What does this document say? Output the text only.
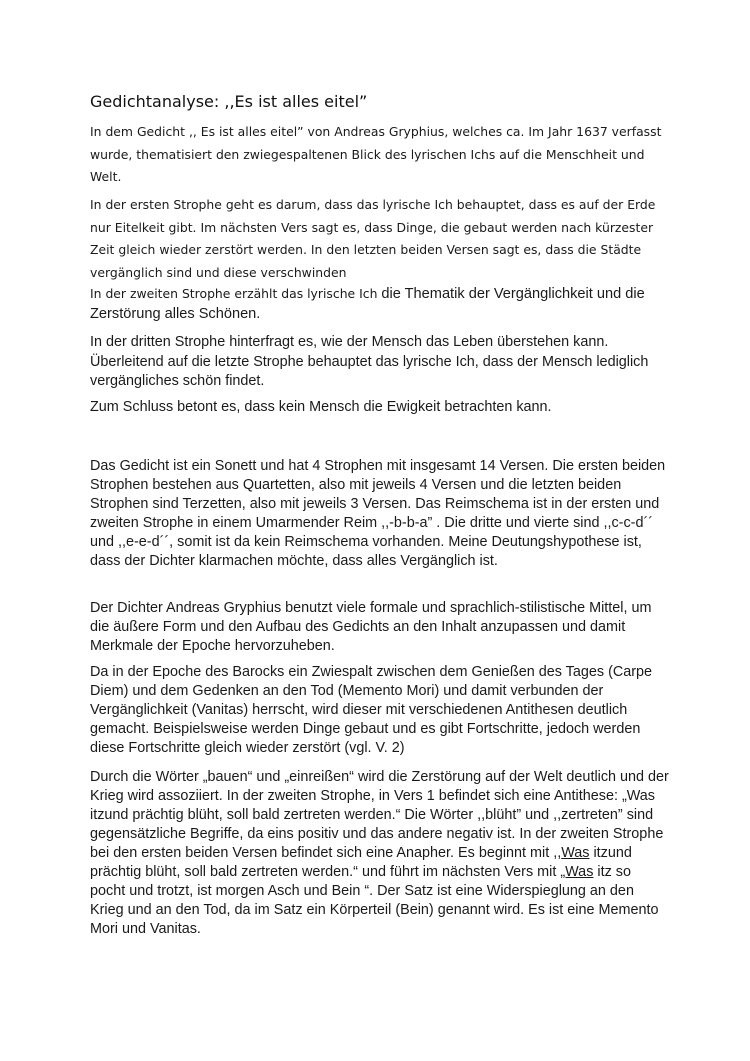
Gedichtanalyse: ,,Es ist alles eitel”

In dem Gedicht ,, Es ist alles eitel” von Andreas Gryphius, welches ca. Im Jahr 1637 verfasst wurde, thematisiert den zwiegespaltenen Blick des lyrischen Ichs auf die Menschheit und Welt.

In der ersten Strophe geht es darum, dass das lyrische Ich behauptet, dass es auf der Erde nur Eitelkeit gibt. Im nächsten Vers sagt es, dass Dinge, die gebaut werden nach kürzester Zeit gleich wieder zerstört werden. In den letzten beiden Versen sagt es, dass die Städte vergänglich sind und diese verschwinden

In der zweiten Strophe erzählt das lyrische Ich die Thematik der Vergänglichkeit und die Zerstörung alles Schönen.

In der dritten Strophe hinterfragt es, wie der Mensch das Leben überstehen kann. Überleitend auf die letzte Strophe behauptet das lyrische Ich, dass der Mensch lediglich vergängliches schön findet.

Zum Schluss betont es, dass kein Mensch die Ewigkeit betrachten kann.

Das Gedicht ist ein Sonett und hat 4 Strophen mit insgesamt 14 Versen. Die ersten beiden Strophen bestehen aus Quartetten, also mit jeweils 4 Versen und die letzten beiden Strophen sind Terzetten, also mit jeweils 3 Versen. Das Reimschema ist in der ersten und zweiten Strophe in einem Umarmender Reim ,,-b-b-a” . Die dritte und vierte sind ,,c-c-d´´ und ,,e-e-d´´, somit ist da kein Reimschema vorhanden. Meine Deutungshypothese ist, dass der Dichter klarmachen möchte, dass alles Vergänglich ist.

Der Dichter Andreas Gryphius benutzt viele formale und sprachlich-stilistische Mittel, um die äußere Form und den Aufbau des Gedichts an den Inhalt anzupassen und damit Merkmale der Epoche hervorzuheben.

Da in der Epoche des Barocks ein Zwiespalt zwischen dem Genießen des Tages (Carpe Diem) und dem Gedenken an den Tod (Memento Mori) und damit verbunden der Vergänglichkeit (Vanitas) herrscht, wird dieser mit verschiedenen Antithesen deutlich gemacht. Beispielsweise werden Dinge gebaut und es gibt Fortschritte, jedoch werden diese Fortschritte gleich wieder zerstört (vgl. V. 2)

Durch die Wörter „bauen“ und „einreißen“ wird die Zerstörung auf der Welt deutlich und der Krieg wird assoziiert. In der zweiten Strophe, in Vers 1 befindet sich eine Antithese: „Was itzund prächtig blüht, soll bald zertreten werden.“ Die Wörter ,,blüht” und ,,zertreten” sind gegensätzliche Begriffe, da eins positiv und das andere negativ ist. In der zweiten Strophe bei den ersten beiden Versen befindet sich eine Anapher. Es beginnt mit ,,Was itzund prächtig blüht, soll bald zertreten werden.“ und führt im nächsten Vers mit „Was itz so pocht und trotzt, ist morgen Asch und Bein “. Der Satz ist eine Widerspieglung an den Krieg und an den Tod, da im Satz ein Körperteil (Bein) genannt wird. Es ist eine Memento Mori und Vanitas.
